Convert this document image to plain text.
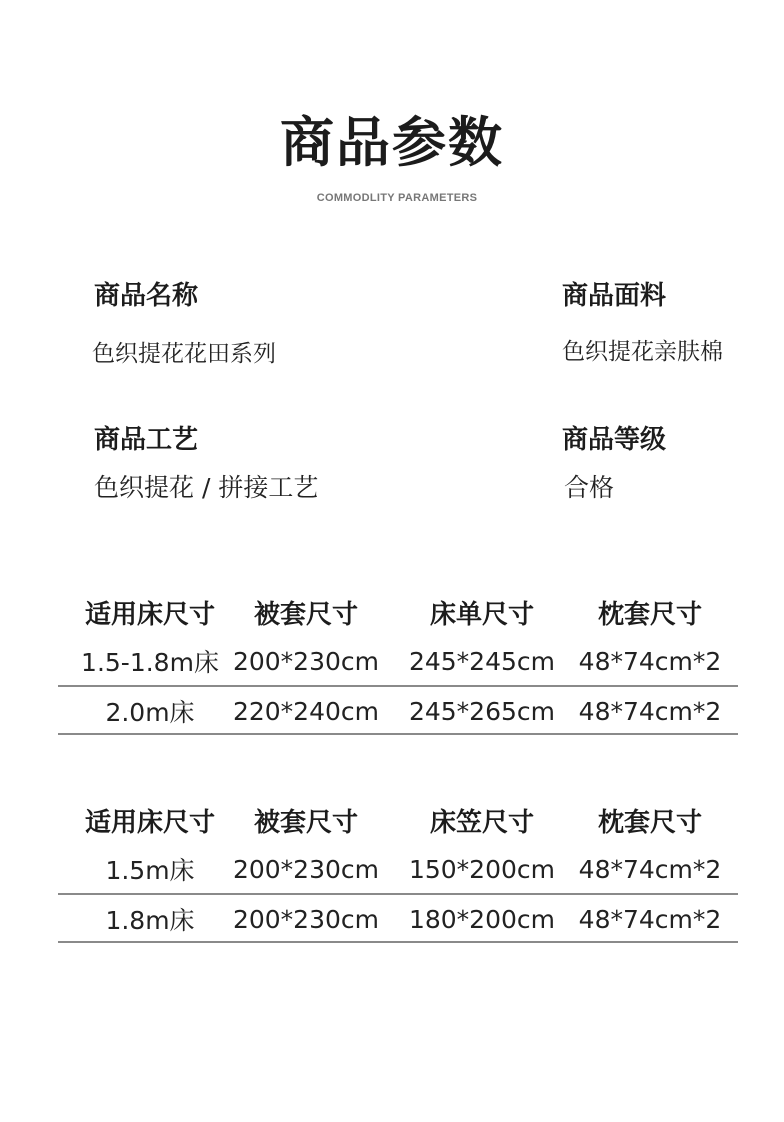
商品参数
COMMODLITY PARAMETERS
商品名称
色织提花花田系列
商品面料
色织提花亲肤棉
商品工艺
色织提花 / 拼接工艺
商品等级
合格
适用床尺寸	被套尺寸	床单尺寸	枕套尺寸
1.5-1.8m床 200*230cm	245*245cm 48*74cm*2
2.0m床	220*240cm	245*265cm 48*74cm*2
适用床尺寸	被套尺寸	床笠尺寸	枕套尺寸
1.5m床	200*230cm	150*200cm 48*74cm*2
1.8m床	200*230cm	180*200cm 48*74cm*2
